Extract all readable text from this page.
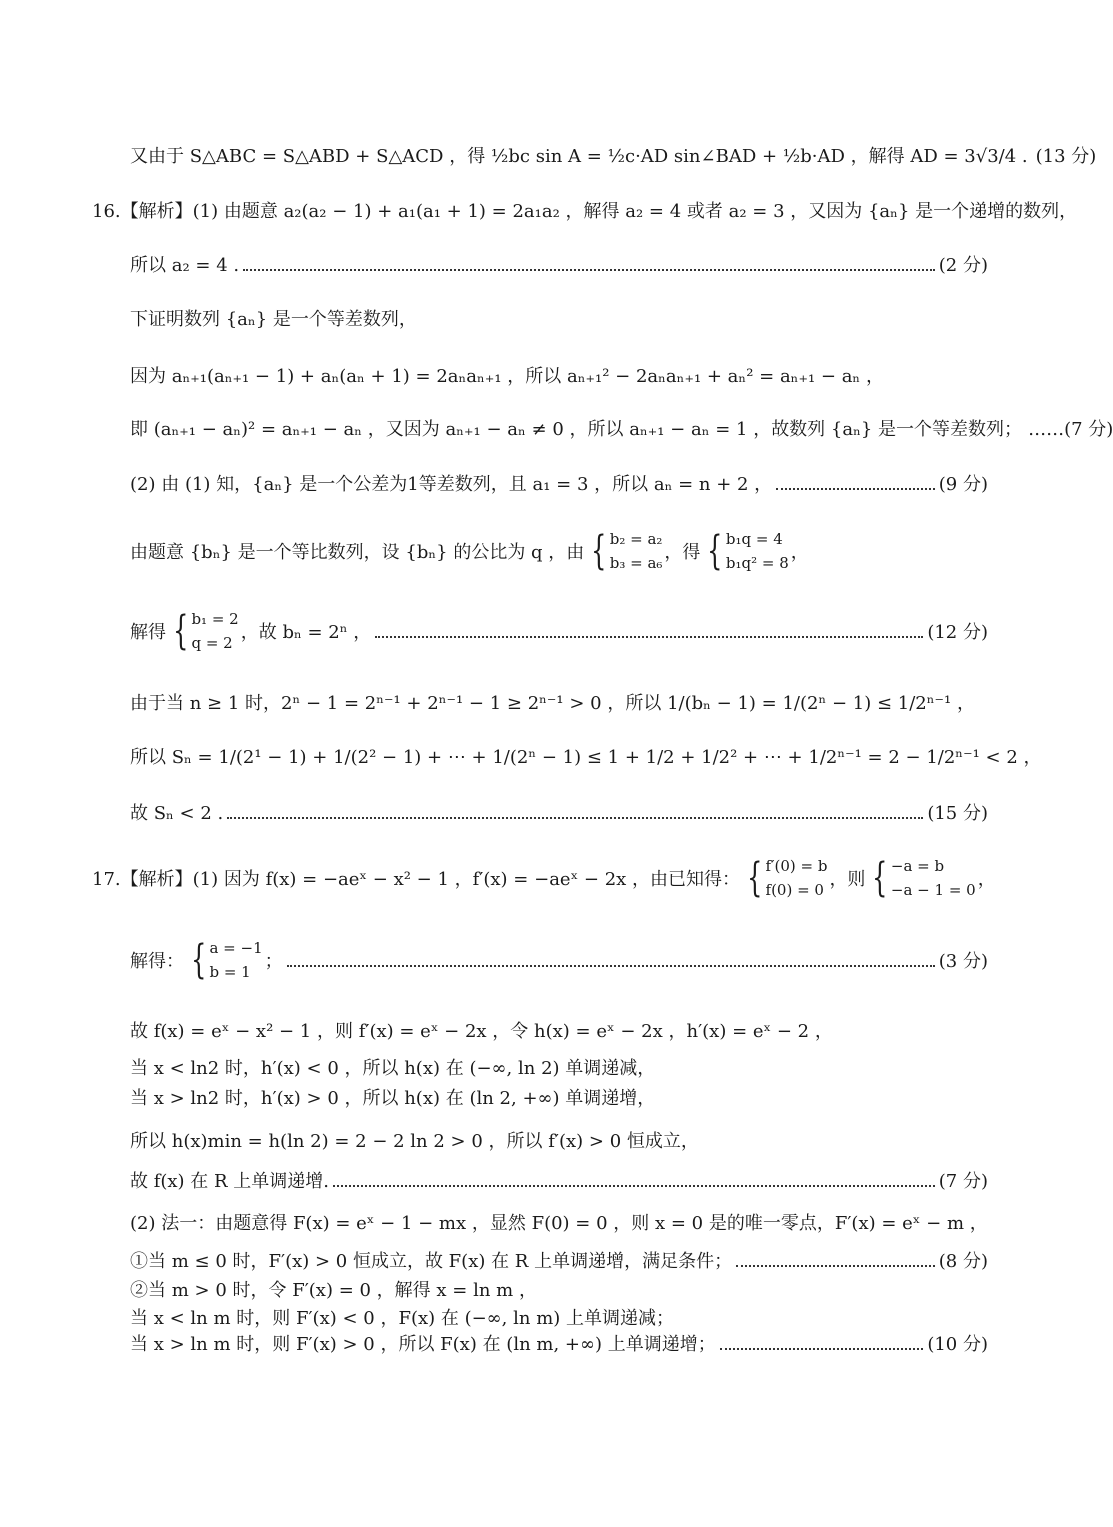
又由于 S△ABC = S△ABD + S△ACD ，得 ½bc sin A = ½c·AD sin∠BAD + ½b·AD ，解得 AD = 3√3/4 . (13 分)
16.【解析】(1) 由题意 a₂(a₂ − 1) + a₁(a₁ + 1) = 2a₁a₂ ，解得 a₂ = 4 或者 a₂ = 3 ，又因为 {aₙ} 是一个递增的数列，
所以 a₂ = 4 .	(2 分)
下证明数列 {aₙ} 是一个等差数列，
因为 aₙ₊₁(aₙ₊₁ − 1) + aₙ(aₙ + 1) = 2aₙaₙ₊₁ ，所以 aₙ₊₁² − 2aₙaₙ₊₁ + aₙ² = aₙ₊₁ − aₙ ，
即 (aₙ₊₁ − aₙ)² = aₙ₊₁ − aₙ ，又因为 aₙ₊₁ − aₙ ≠ 0 ，所以 aₙ₊₁ − aₙ = 1 ，故数列 {aₙ} 是一个等差数列； ……(7 分)
(2) 由 (1) 知，{aₙ} 是一个公差为1等差数列，且 a₁ = 3 ，所以 aₙ = n + 2 ，	(9 分)
由题意 {bₙ} 是一个等比数列，设 {bₙ} 的公比为 q ，由 { b₂ = a₂
b₃ = a₆ ，得 { b₁q = 4
b₁q² = 8 ，
解得 { b₁ = 2
q = 2 ，故 bₙ = 2ⁿ ，	(12 分)
由于当 n ≥ 1 时，2ⁿ − 1 = 2ⁿ⁻¹ + 2ⁿ⁻¹ − 1 ≥ 2ⁿ⁻¹ > 0 ，所以 1/(bₙ − 1) = 1/(2ⁿ − 1) ≤ 1/2ⁿ⁻¹ ，
所以 Sₙ = 1/(2¹ − 1) + 1/(2² − 1) + ⋯ + 1/(2ⁿ − 1) ≤ 1 + 1/2 + 1/2² + ⋯ + 1/2ⁿ⁻¹ = 2 − 1/2ⁿ⁻¹ < 2 ，
故 Sₙ < 2 .	(15 分)
17.【解析】(1) 因为 f(x) = −aeˣ − x² − 1 ，f′(x) = −aeˣ − 2x ，由已知得： { f′(0) = b
f(0) = 0 ，则 { −a = b
−a − 1 = 0 ，
解得： { a = −1
b = 1 ；	(3 分)
故 f(x) = eˣ − x² − 1 ，则 f′(x) = eˣ − 2x ，令 h(x) = eˣ − 2x ，h′(x) = eˣ − 2 ，
当 x < ln2 时，h′(x) < 0 ，所以 h(x) 在 (−∞, ln 2) 单调递减，
当 x > ln2 时，h′(x) > 0 ，所以 h(x) 在 (ln 2, +∞) 单调递增，
所以 h(x)min = h(ln 2) = 2 − 2 ln 2 > 0 ，所以 f′(x) > 0 恒成立，
故 f(x) 在 R 上单调递增.	(7 分)
(2) 法一：由题意得 F(x) = eˣ − 1 − mx ，显然 F(0) = 0 ，则 x = 0 是的唯一零点，F′(x) = eˣ − m ，
①当 m ≤ 0 时，F′(x) > 0 恒成立，故 F(x) 在 R 上单调递增，满足条件；	(8 分)
②当 m > 0 时，令 F′(x) = 0 ，解得 x = ln m ，
当 x < ln m 时，则 F′(x) < 0 ，F(x) 在 (−∞, ln m) 上单调递减；
当 x > ln m 时，则 F′(x) > 0 ，所以 F(x) 在 (ln m, +∞) 上单调递增；	(10 分)
